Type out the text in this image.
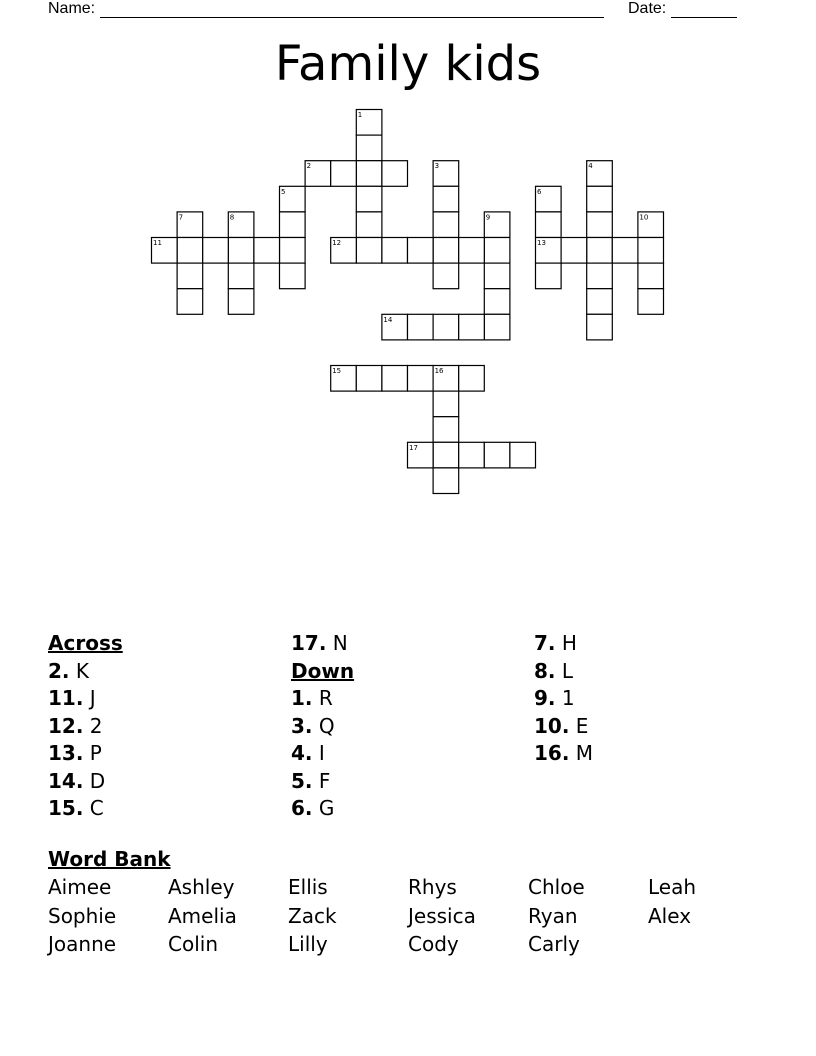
Name:	Date:
Family kids
1
2	3	4
5	6
7	8	9	10
11	12	13
14
15	16
17
Across
2. K
11. J
12. 2
13. P
14. D
15. C
17. N
Down
1. R
3. Q
4. I
5. F
6. G
7. H
8. L
9. 1
10. E
16. M
Word Bank
Aimee	Ashley	Ellis	Rhys	Chloe	Leah
Sophie	Amelia	Zack	Jessica	Ryan	Alex
Joanne	Colin	Lilly	Cody	Carly
